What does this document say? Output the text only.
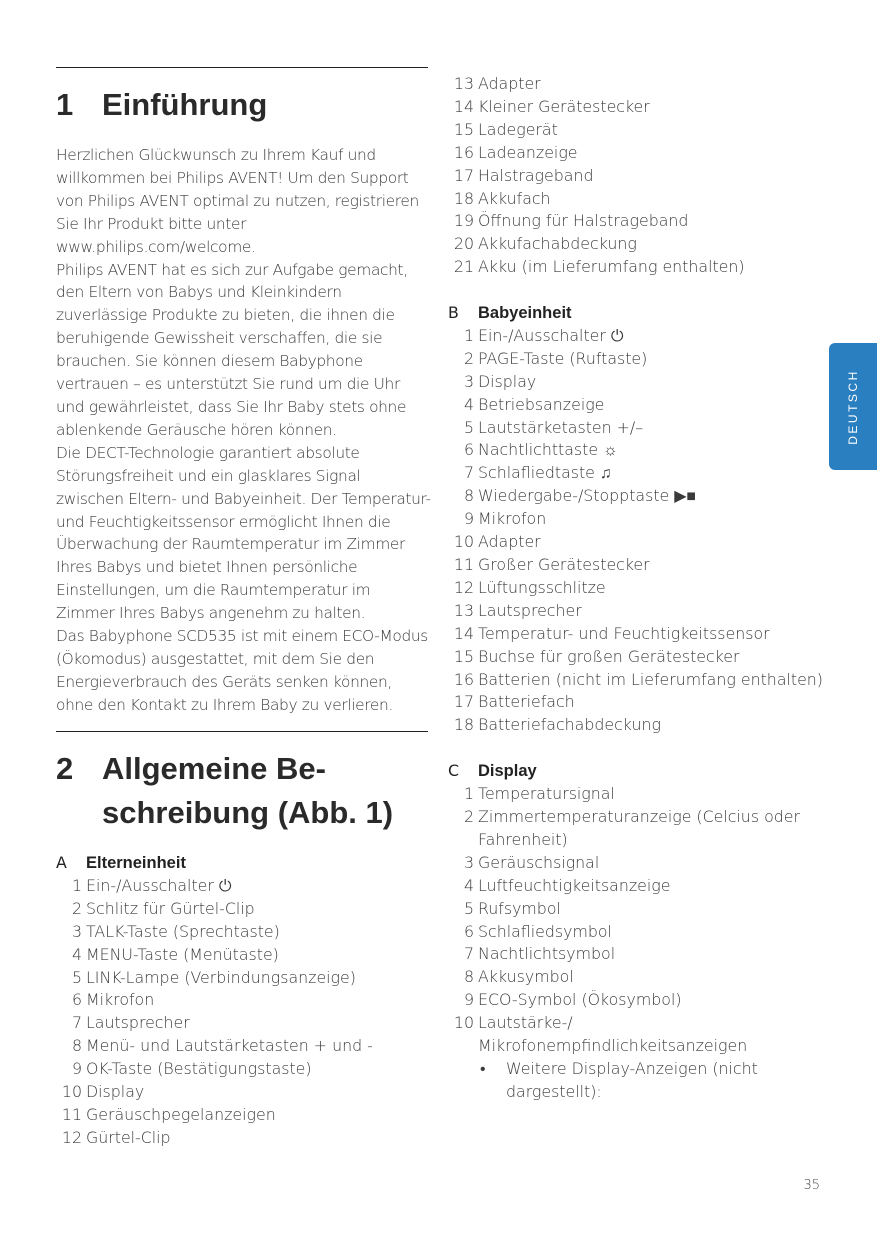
1 Einführung

Herzlichen Glückwunsch zu Ihrem Kauf und willkommen bei Philips AVENT! Um den Support von Philips AVENT optimal zu nutzen, registrieren Sie Ihr Produkt bitte unter www.philips.com/welcome.

Philips AVENT hat es sich zur Aufgabe gemacht, den Eltern von Babys und Kleinkindern zuverlässige Produkte zu bieten, die ihnen die beruhigende Gewissheit verschaffen, die sie brauchen. Sie können diesem Babyphone vertrauen – es unterstützt Sie rund um die Uhr und gewährleistet, dass Sie Ihr Baby stets ohne ablenkende Geräusche hören können.

Die DECT-Technologie garantiert absolute Störungsfreiheit und ein glasklares Signal zwischen Eltern- und Babyeinheit. Der Temperatur- und Feuchtigkeitssensor ermöglicht Ihnen die Überwachung der Raumtemperatur im Zimmer Ihres Babys und bietet Ihnen persönliche Einstellungen, um die Raumtemperatur im Zimmer Ihres Babys angenehm zu halten.

Das Babyphone SCD535 ist mit einem ECO-Modus (Ökomodus) ausgestattet, mit dem Sie den Energieverbrauch des Geräts senken können, ohne den Kontakt zu Ihrem Baby zu verlieren.

2 Allgemeine Be-
schreibung (Abb. 1)
A Elterneinheit
1 Ein-/Ausschalter ⏻
2 Schlitz für Gürtel-Clip
3 TALK-Taste (Sprechtaste)
4 MENU-Taste (Menütaste)
5 LINK-Lampe (Verbindungsanzeige)
6 Mikrofon
7 Lautsprecher
8 Menü- und Lautstärketasten + und -
9 OK-Taste (Bestätigungstaste)
10 Display
11 Geräuschpegelanzeigen
12 Gürtel-Clip
13 Adapter
14 Kleiner Gerätestecker
15 Ladegerät
16 Ladeanzeige
17 Halstrageband
18 Akkufach
19 Öffnung für Halstrageband
20 Akkufachabdeckung
21 Akku (im Lieferumfang enthalten)
B Babyeinheit
1 Ein-/Ausschalter ⏻
2 PAGE-Taste (Ruftaste)
3 Display
4 Betriebsanzeige
5 Lautstärketasten +/–
6 Nachtlichttaste ☼
7 Schlafliedtaste ♫
8 Wiedergabe-/Stopptaste ▶■
9 Mikrofon
10 Adapter
11 Großer Gerätestecker
12 Lüftungsschlitze
13 Lautsprecher
14 Temperatur- und Feuchtigkeitssensor
15 Buchse für großen Gerätestecker
16 Batterien (nicht im Lieferumfang enthalten)
17 Batteriefach
18 Batteriefachabdeckung
C Display
1 Temperatursignal
2 Zimmertemperaturanzeige (Celcius oder Fahrenheit)
3 Geräuschsignal
4 Luftfeuchtigkeitsanzeige
5 Rufsymbol
6 Schlafliedsymbol
7 Nachtlichtsymbol
8 Akkusymbol
9 ECO-Symbol (Ökosymbol)
10 Lautstärke-/ Mikrofonempfindlichkeitsanzeigen
• Weitere Display-Anzeigen (nicht dargestellt):
DEUTSCH
35
